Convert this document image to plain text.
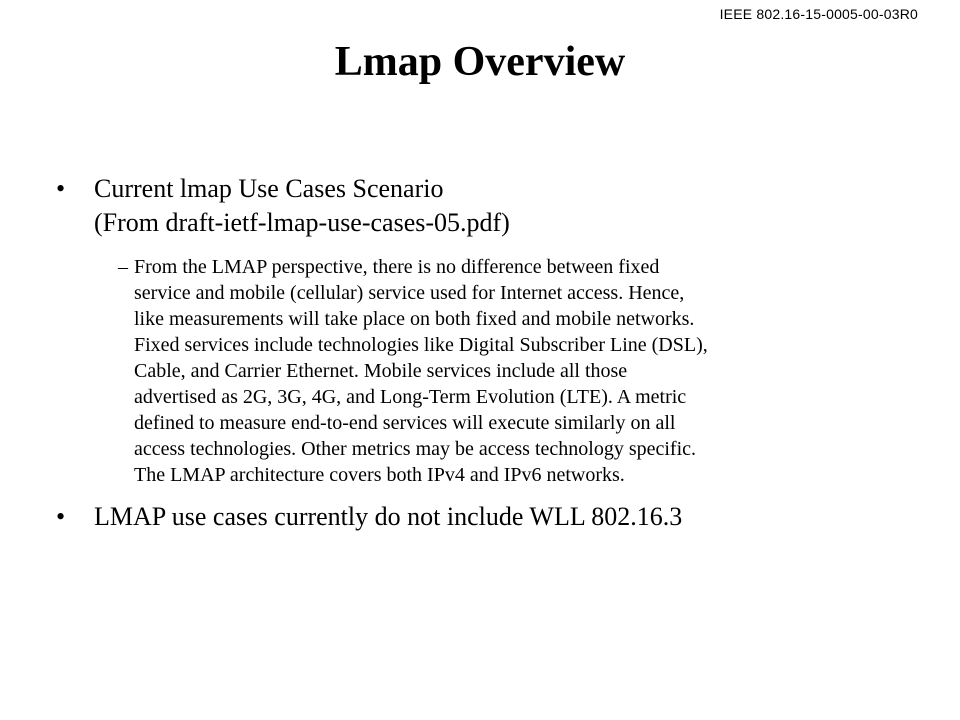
IEEE 802.16-15-0005-00-03R0
Lmap Overview
• Current lmap Use Cases Scenario
(From draft-ietf-lmap-use-cases-05.pdf)
– From the LMAP perspective, there is no difference between fixed
service and mobile (cellular) service used for Internet access. Hence,
like measurements will take place on both fixed and mobile networks.
Fixed services include technologies like Digital Subscriber Line (DSL),
Cable, and Carrier Ethernet. Mobile services include all those
advertised as 2G, 3G, 4G, and Long-Term Evolution (LTE). A metric
defined to measure end-to-end services will execute similarly on all
access technologies. Other metrics may be access technology specific.
The LMAP architecture covers both IPv4 and IPv6 networks.
• LMAP use cases currently do not include WLL 802.16.3
